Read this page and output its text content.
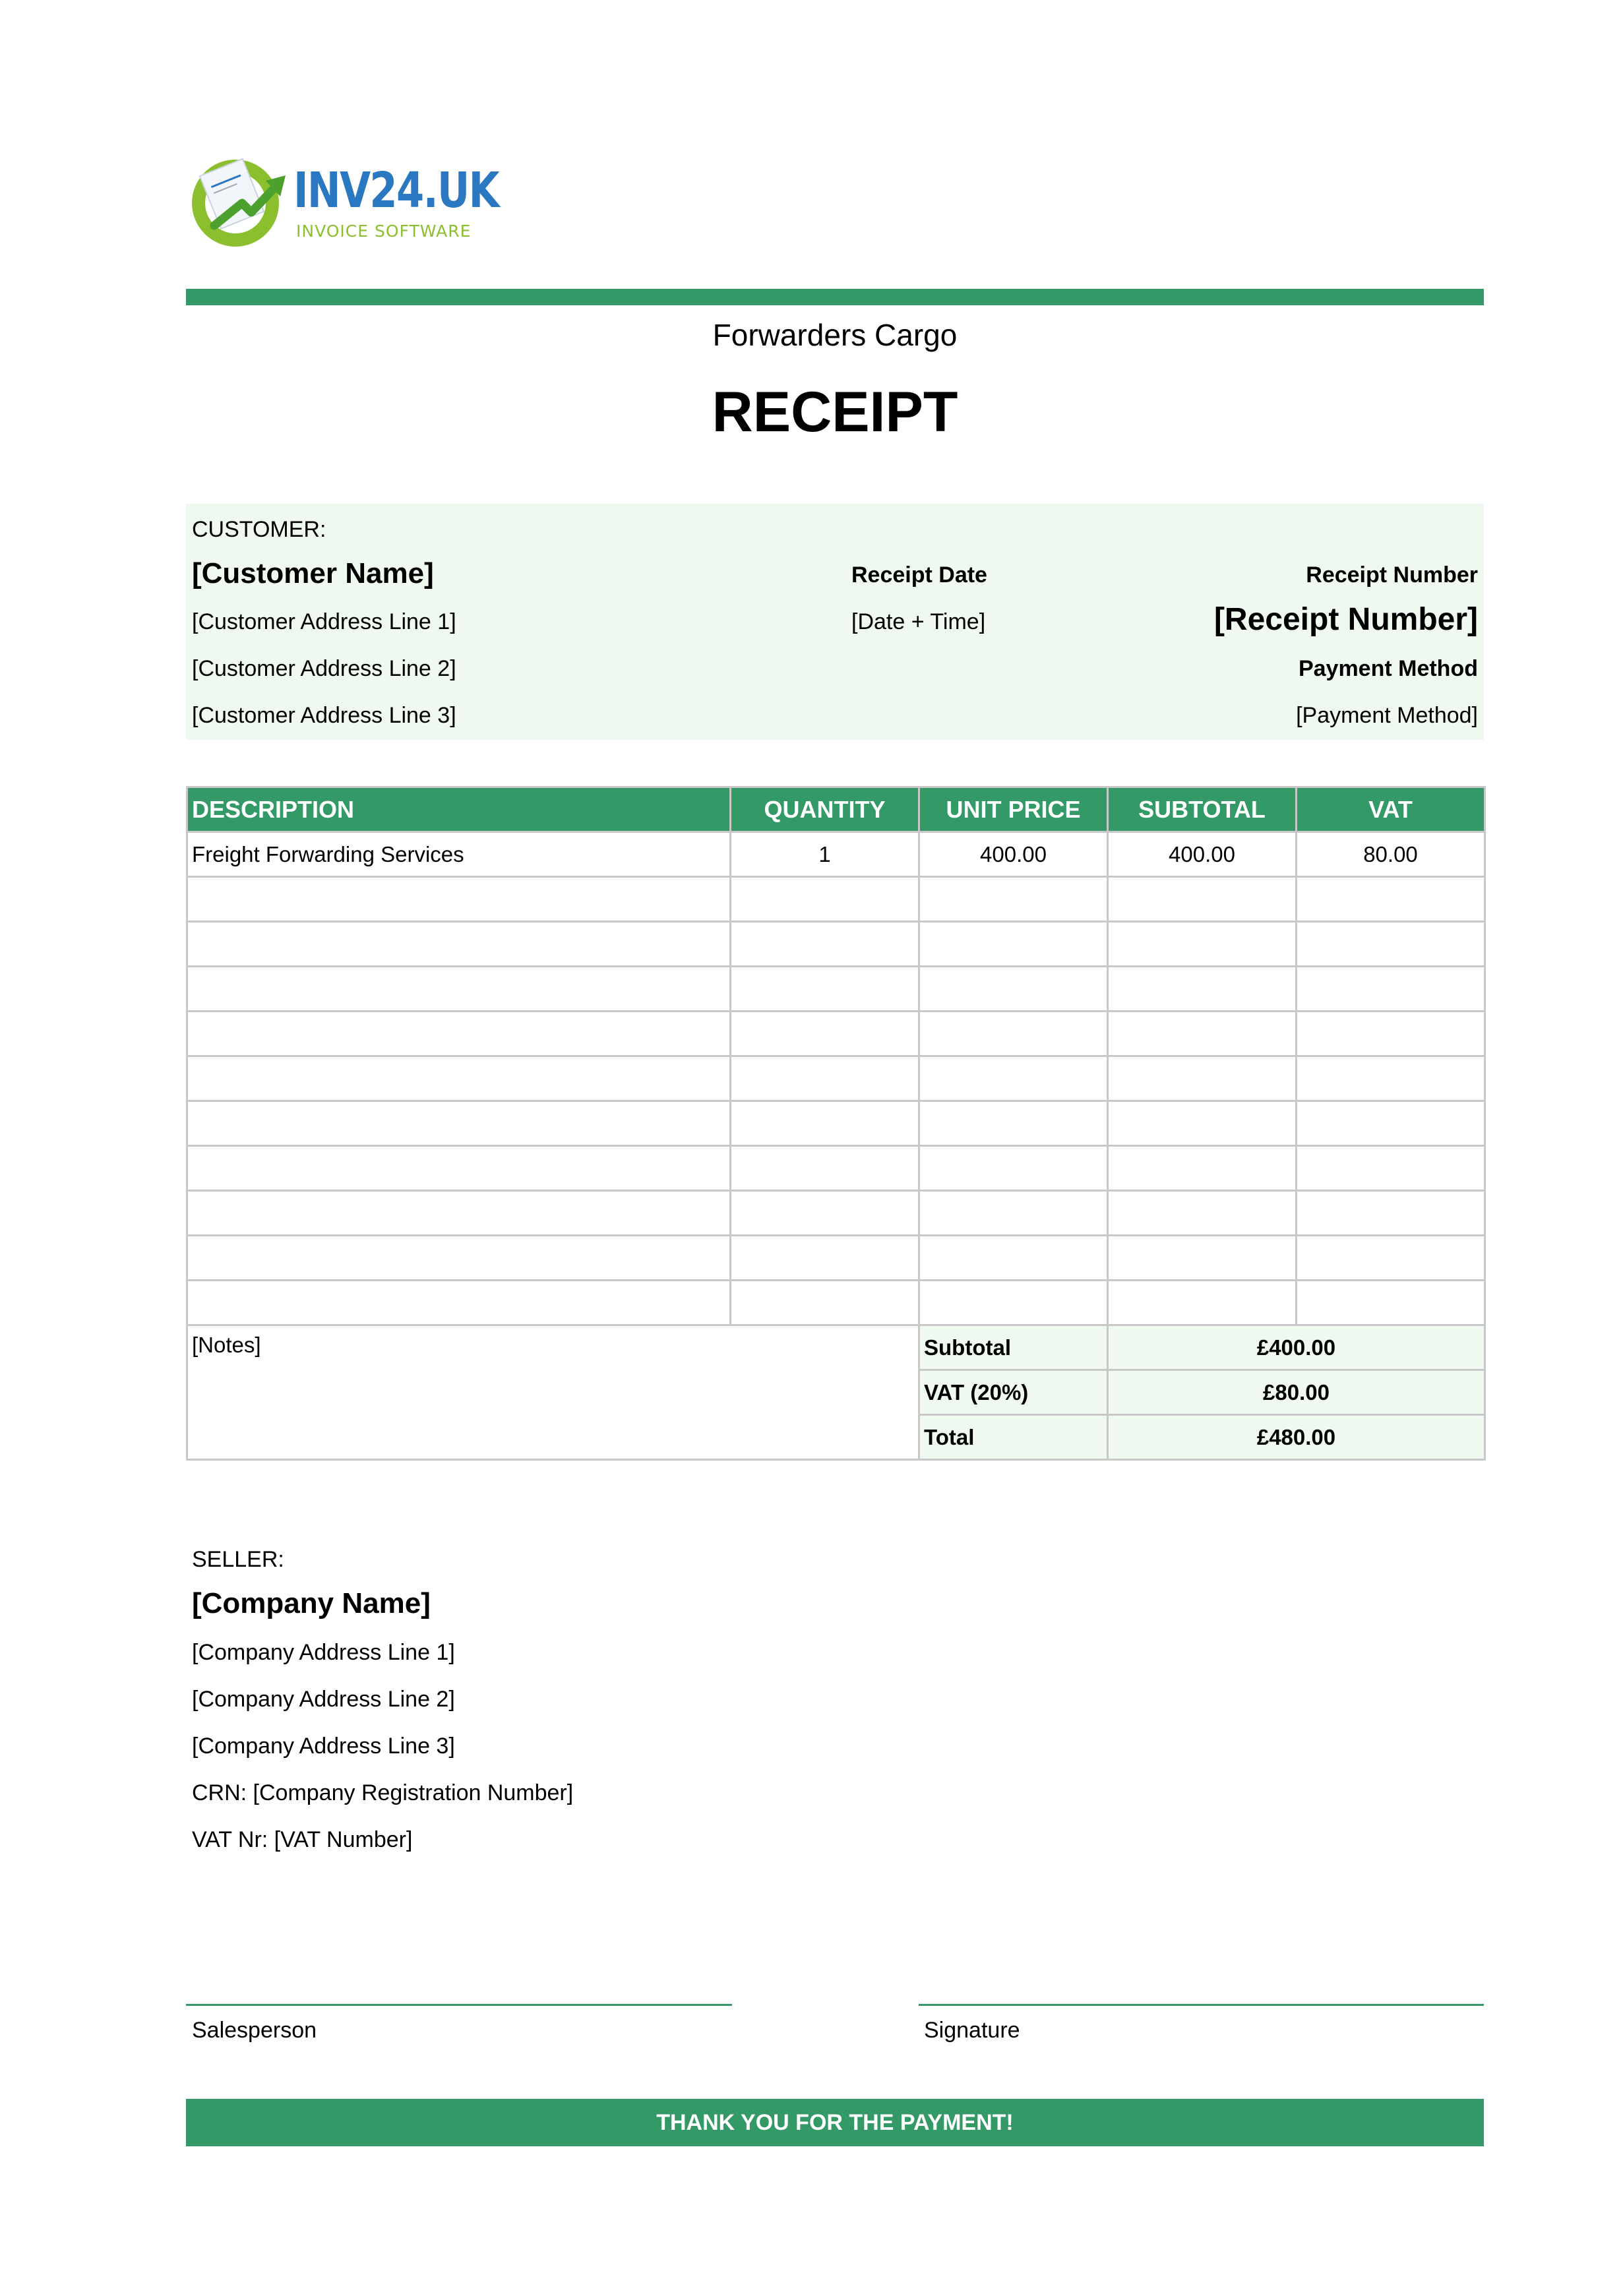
INV24.UK
INVOICE SOFTWARE
Forwarders Cargo
RECEIPT
CUSTOMER:
[Customer Name]
[Customer Address Line 1]
[Customer Address Line 2]
[Customer Address Line 3]
Receipt Date
[Date + Time]
Receipt Number
[Receipt Number]
Payment Method
[Payment Method]
DESCRIPTION	QUANTITY	UNIT PRICE	SUBTOTAL	VAT
Freight Forwarding Services	1	400.00	400.00	80.00

[Notes]		Subtotal	£400.00	
		VAT (20%)	£80.00	
		Total	£480.00	
SELLER:
[Company Name]
[Company Address Line 1]
[Company Address Line 2]
[Company Address Line 3]
CRN: [Company Registration Number]
VAT Nr: [VAT Number]
Salesperson	Signature
THANK YOU FOR THE PAYMENT!
